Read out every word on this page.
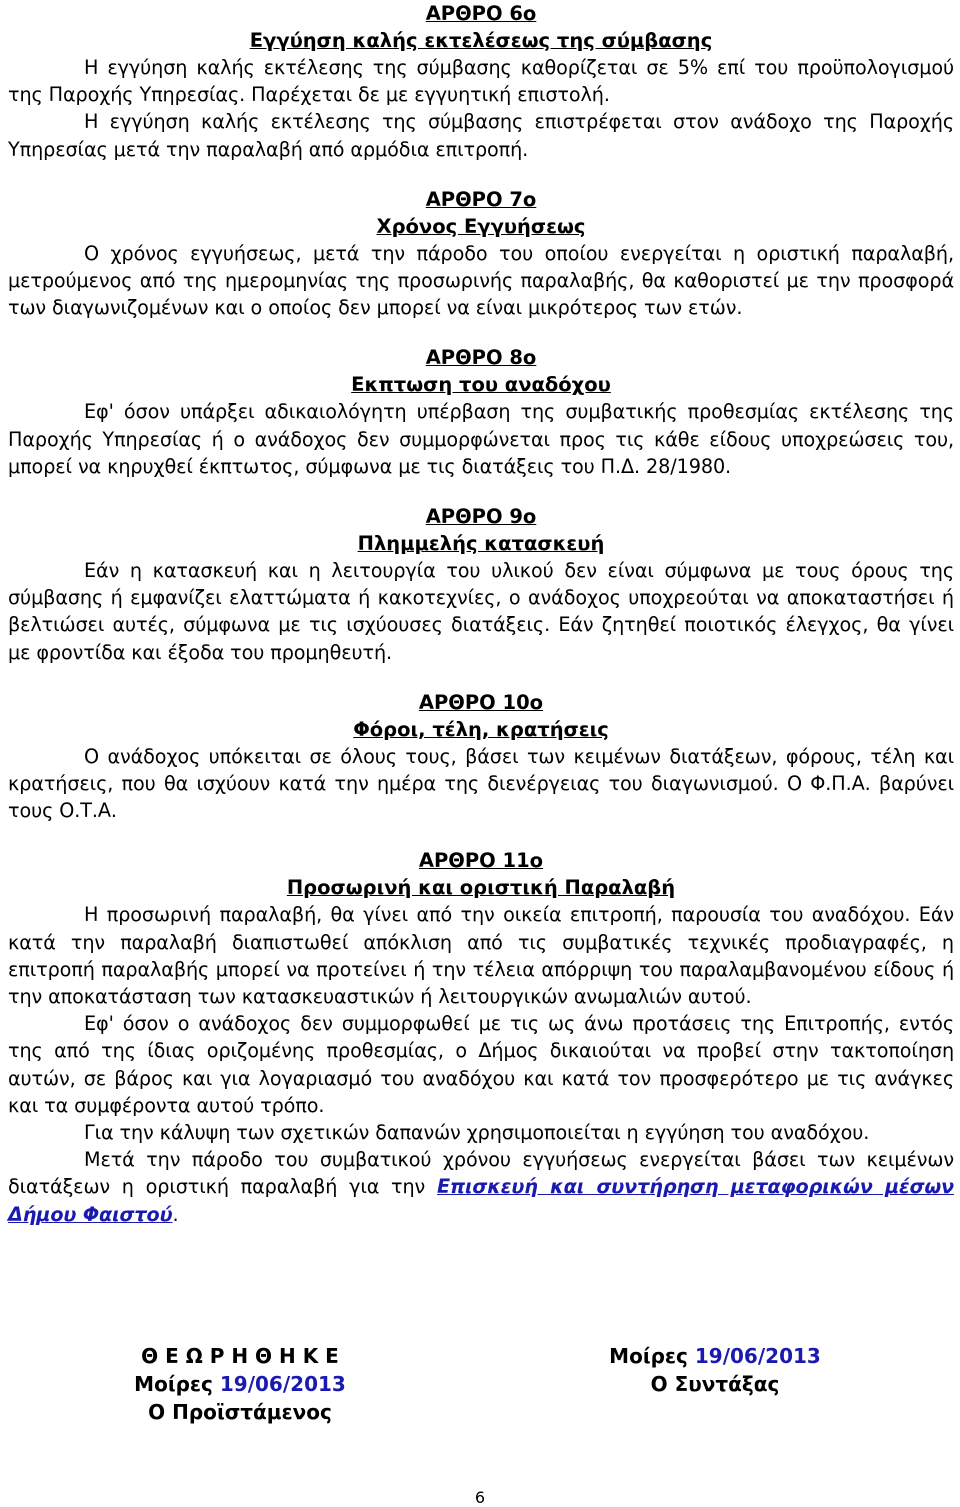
ΑΡΘΡΟ 6ο
Εγγύηση καλής εκτελέσεως της σύμβασης

Η εγγύηση καλής εκτέλεσης της σύμβασης καθορίζεται σε 5% επί του προϋπολογισμού της Παροχής Υπηρεσίας. Παρέχεται δε με εγγυητική επιστολή.

Η εγγύηση καλής εκτέλεσης της σύμβασης επιστρέφεται στον ανάδοχο της Παροχής Υπηρεσίας μετά την παραλαβή από αρμόδια επιτροπή.

ΑΡΘΡΟ 7ο
Χρόνος Εγγυήσεως

Ο χρόνος εγγυήσεως, μετά την πάροδο του οποίου ενεργείται η οριστική παραλαβή, μετρούμενος από της ημερομηνίας της προσωρινής παραλαβής, θα καθοριστεί με την προσφορά των διαγωνιζομένων και ο οποίος δεν μπορεί να είναι μικρότερος των ετών.

ΑΡΘΡΟ 8ο
Εκπτωση του αναδόχου

Εφ' όσον υπάρξει αδικαιολόγητη υπέρβαση της συμβατικής προθεσμίας εκτέλεσης της Παροχής Υπηρεσίας ή ο ανάδοχος δεν συμμορφώνεται προς τις κάθε είδους υποχρεώσεις του, μπορεί να κηρυχθεί έκπτωτος, σύμφωνα με τις διατάξεις του Π.Δ. 28/1980.

ΑΡΘΡΟ 9ο
Πλημμελής κατασκευή

Εάν η κατασκευή και η λειτουργία του υλικού δεν είναι σύμφωνα με τους όρους της σύμβασης ή εμφανίζει ελαττώματα ή κακοτεχνίες, ο ανάδοχος υποχρεούται να αποκαταστήσει ή βελτιώσει αυτές, σύμφωνα με τις ισχύουσες διατάξεις. Εάν ζητηθεί ποιοτικός έλεγχος, θα γίνει με φροντίδα και έξοδα του προμηθευτή.

ΑΡΘΡΟ 10ο
Φόροι, τέλη, κρατήσεις

Ο ανάδοχος υπόκειται σε όλους τους, βάσει των κειμένων διατάξεων, φόρους, τέλη και κρατήσεις, που θα ισχύουν κατά την ημέρα της διενέργειας του διαγωνισμού. Ο Φ.Π.Α. βαρύνει τους Ο.Τ.Α.

ΑΡΘΡΟ 11ο
Προσωρινή και οριστική Παραλαβή

Η προσωρινή παραλαβή, θα γίνει από την οικεία επιτροπή, παρουσία του αναδόχου. Εάν κατά την παραλαβή διαπιστωθεί απόκλιση από τις συμβατικές τεχνικές προδιαγραφές, η επιτροπή παραλαβής μπορεί να προτείνει ή την τέλεια απόρριψη του παραλαμβανομένου είδους ή την αποκατάσταση των κατασκευαστικών ή λειτουργικών ανωμαλιών αυτού.

Εφ' όσον ο ανάδοχος δεν συμμορφωθεί με τις ως άνω προτάσεις της Επιτροπής, εντός της από της ίδιας οριζομένης προθεσμίας, ο Δήμος δικαιούται να προβεί στην τακτοποίηση αυτών, σε βάρος και για λογαριασμό του αναδόχου και κατά τον προσφερότερο με τις ανάγκες και τα συμφέροντα αυτού τρόπο.

Για την κάλυψη των σχετικών δαπανών χρησιμοποιείται η εγγύηση του αναδόχου.

Μετά την πάροδο του συμβατικού χρόνου εγγυήσεως ενεργείται βάσει των κειμένων διατάξεων η οριστική παραλαβή για την Επισκευή και συντήρηση μεταφορικών μέσων Δήμου Φαιστού.

Θ Ε Ω Ρ Η Θ Η Κ Ε
Μοίρες 19/06/2013
Ο Προϊστάμενος
Μοίρες 19/06/2013
Ο Συντάξας
6
